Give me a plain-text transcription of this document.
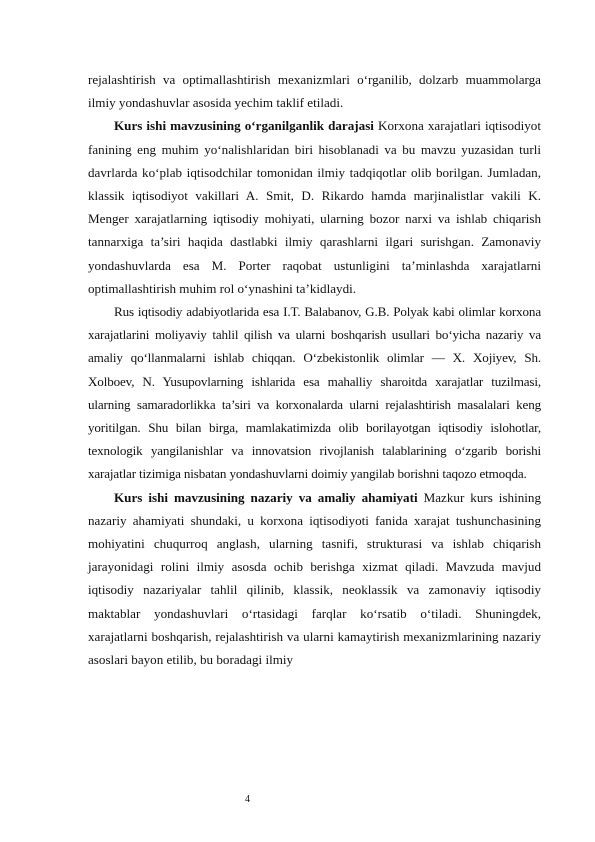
rejalashtirish va optimallashtirish mexanizmlari o‘rganilib, dolzarb muammolarga ilmiy yondashuvlar asosida yechim taklif etiladi.

Kurs ishi mavzusining o‘rganilganlik darajasi Korxona xarajatlari iqtisodiyot fanining eng muhim yo‘nalishlaridan biri hisoblanadi va bu mavzu yuzasidan turli davrlarda ko‘plab iqtisodchilar tomonidan ilmiy tadqiqotlar olib borilgan. Jumladan, klassik iqtisodiyot vakillari A. Smit, D. Rikardo hamda marjinalistlar vakili K. Menger xarajatlarning iqtisodiy mohiyati, ularning bozor narxi va ishlab chiqarish tannarxiga ta’siri haqida dastlabki ilmiy qarashlarni ilgari surishgan. Zamonaviy yondashuvlarda esa M. Porter raqobat ustunligini ta’minlashda xarajatlarni optimallashtirish muhim rol o‘ynashini ta’kidlaydi.

Rus iqtisodiy adabiyotlarida esa I.T. Balabanov, G.B. Polyak kabi olimlar korxona xarajatlarini moliyaviy tahlil qilish va ularni boshqarish usullari bo‘yicha nazariy va amaliy qo‘llanmalarni ishlab chiqqan. O‘zbekistonlik olimlar — X. Xojiyev, Sh. Xolboev, N. Yusupovlarning ishlarida esa mahalliy sharoitda xarajatlar tuzilmasi, ularning samaradorlikka ta’siri va korxonalarda ularni rejalashtirish masalalari keng yoritilgan. Shu bilan birga, mamlakatimizda olib borilayotgan iqtisodiy islohotlar, texnologik yangilanishlar va innovatsion rivojlanish talablarining o‘zgarib borishi xarajatlar tizimiga nisbatan yondashuvlarni doimiy yangilab borishni taqozo etmoqda.

Kurs ishi mavzusining nazariy va amaliy ahamiyati Mazkur kurs ishining nazariy ahamiyati shundaki, u korxona iqtisodiyoti fanida xarajat tushunchasining mohiyatini chuqurroq anglash, ularning tasnifi, strukturasi va ishlab chiqarish jarayonidagi rolini ilmiy asosda ochib berishga xizmat qiladi. Mavzuda mavjud iqtisodiy nazariyalar tahlil qilinib, klassik, neoklassik va zamonaviy iqtisodiy maktablar yondashuvlari o‘rtasidagi farqlar ko‘rsatib o‘tiladi. Shuningdek, xarajatlarni boshqarish, rejalashtirish va ularni kamaytirish mexanizmlarining nazariy asoslari bayon etilib, bu boradagi ilmiy

4
